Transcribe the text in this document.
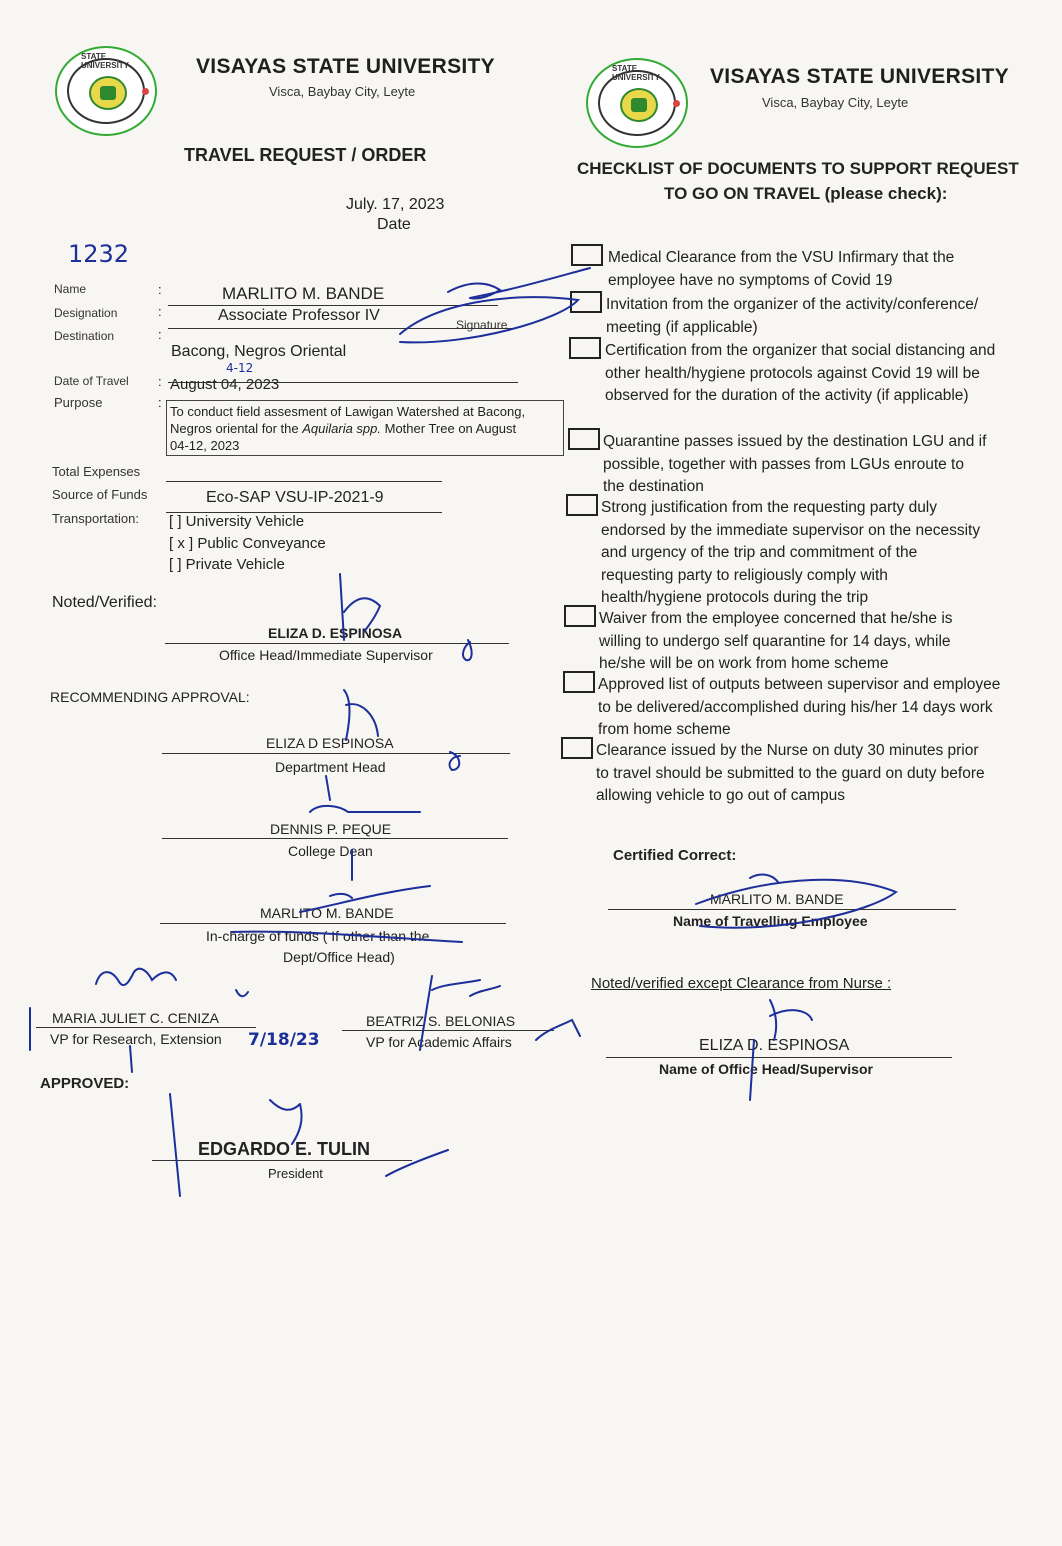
STATE UNIVERSITY	VISAYAS STATE UNIVERSITY
Visca, Baybay City, Leyte
TRAVEL REQUEST / ORDER
STATE UNIVERSITY	VISAYAS STATE UNIVERSITY
Visca, Baybay City, Leyte
CHECKLIST OF DOCUMENTS TO SUPPORT REQUEST
TO GO ON TRAVEL (please check):
July. 17, 2023
Date
1232
Name	:	MARLITO M. BANDE
Designation	:	Associate Professor IV
Signature
Destination	:
Bacong, Negros Oriental
Date of Travel : August 04, 2023
4-12
Purpose	:
To conduct field assesment of Lawigan Watershed at Bacong,
Negros oriental for the Aquilaria spp. Mother Tree on August
04-12, 2023
Total Expenses
Source of Funds	Eco-SAP VSU-IP-2021-9
Transportation: [ ] University Vehicle
[ x ] Public Conveyance
[ ] Private Vehicle
Noted/Verified:
ELIZA D. ESPINOSA
Office Head/Immediate Supervisor
RECOMMENDING APPROVAL:
ELIZA D ESPINOSA
Department Head
DENNIS P. PEQUE
College Dean
MARLITO M. BANDE
In-charge of funds ( If other than the
Dept/Office Head)
MARIA JULIET C. CENIZA
VP for Research, Extension 7/18/23
BEATRIZ S. BELONIAS
VP for Academic Affairs
APPROVED:
EDGARDO E. TULIN
President
Medical Clearance from the VSU Infirmary that the employee have no symptoms of Covid 19
Invitation from the organizer of the activity/conference/ meeting (if applicable)
Certification from the organizer that social distancing and other health/hygiene protocols against Covid 19 will be observed for the duration of the activity (if applicable)
Quarantine passes issued by the destination LGU and if possible, together with passes from LGUs enroute to the destination
Strong justification from the requesting party duly endorsed by the immediate supervisor on the necessity and urgency of the trip and commitment of the requesting party to religiously comply with health/hygiene protocols during the trip
Waiver from the employee concerned that he/she is willing to undergo self quarantine for 14 days, while he/she will be on work from home scheme
Approved list of outputs between supervisor and employee to be delivered/accomplished during his/her 14 days work from home scheme
Clearance issued by the Nurse on duty 30 minutes prior to travel should be submitted to the guard on duty before allowing vehicle to go out of campus
Certified Correct:
MARLITO M. BANDE
Name of Travelling Employee
Noted/verified except Clearance from Nurse :
ELIZA D. ESPINOSA
Name of Office Head/Supervisor
